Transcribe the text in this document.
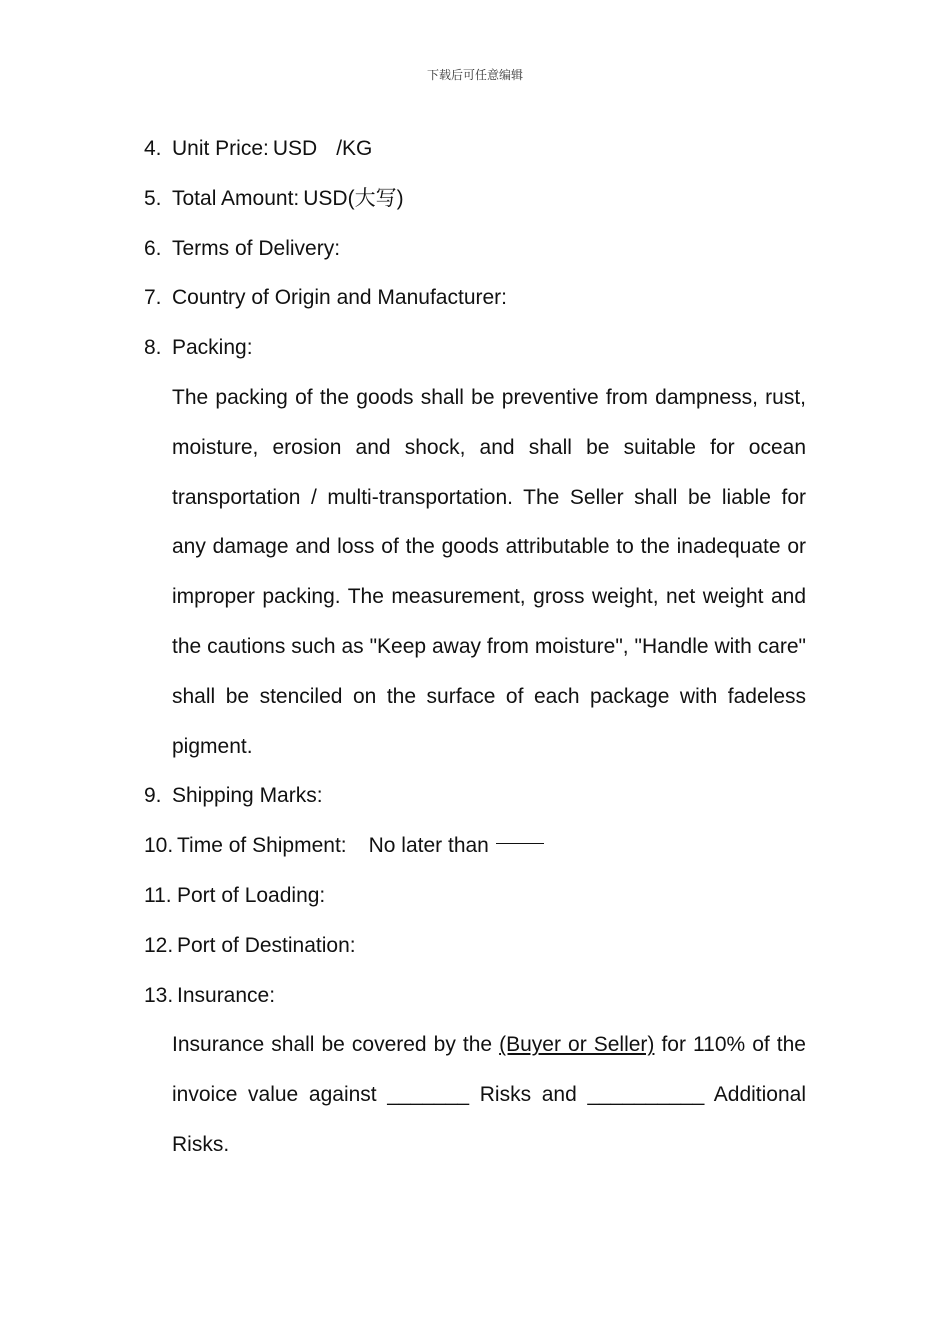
下载后可任意编辑
4. Unit Price: USD /KG
5. Total Amount: USD(大写)
6. Terms of Delivery:
7. Country of Origin and Manufacturer:
8. Packing:
The packing of the goods shall be preventive from dampness, rust, moisture, erosion and shock, and shall be suitable for ocean transportation / multi-transportation. The Seller shall be liable for any damage and loss of the goods attributable to the inadequate or improper packing. The measurement, gross weight, net weight and the cautions such as "Keep away from moisture", "Handle with care" shall be stenciled on the surface of each package with fadeless pigment.
9. Shipping Marks:
10. Time of Shipment: No later than
11. Port of Loading:
12. Port of Destination:
13. Insurance:
Insurance shall be covered by the (Buyer or Seller) for 110% of the invoice value against _______ Risks and __________ Additional Risks.
